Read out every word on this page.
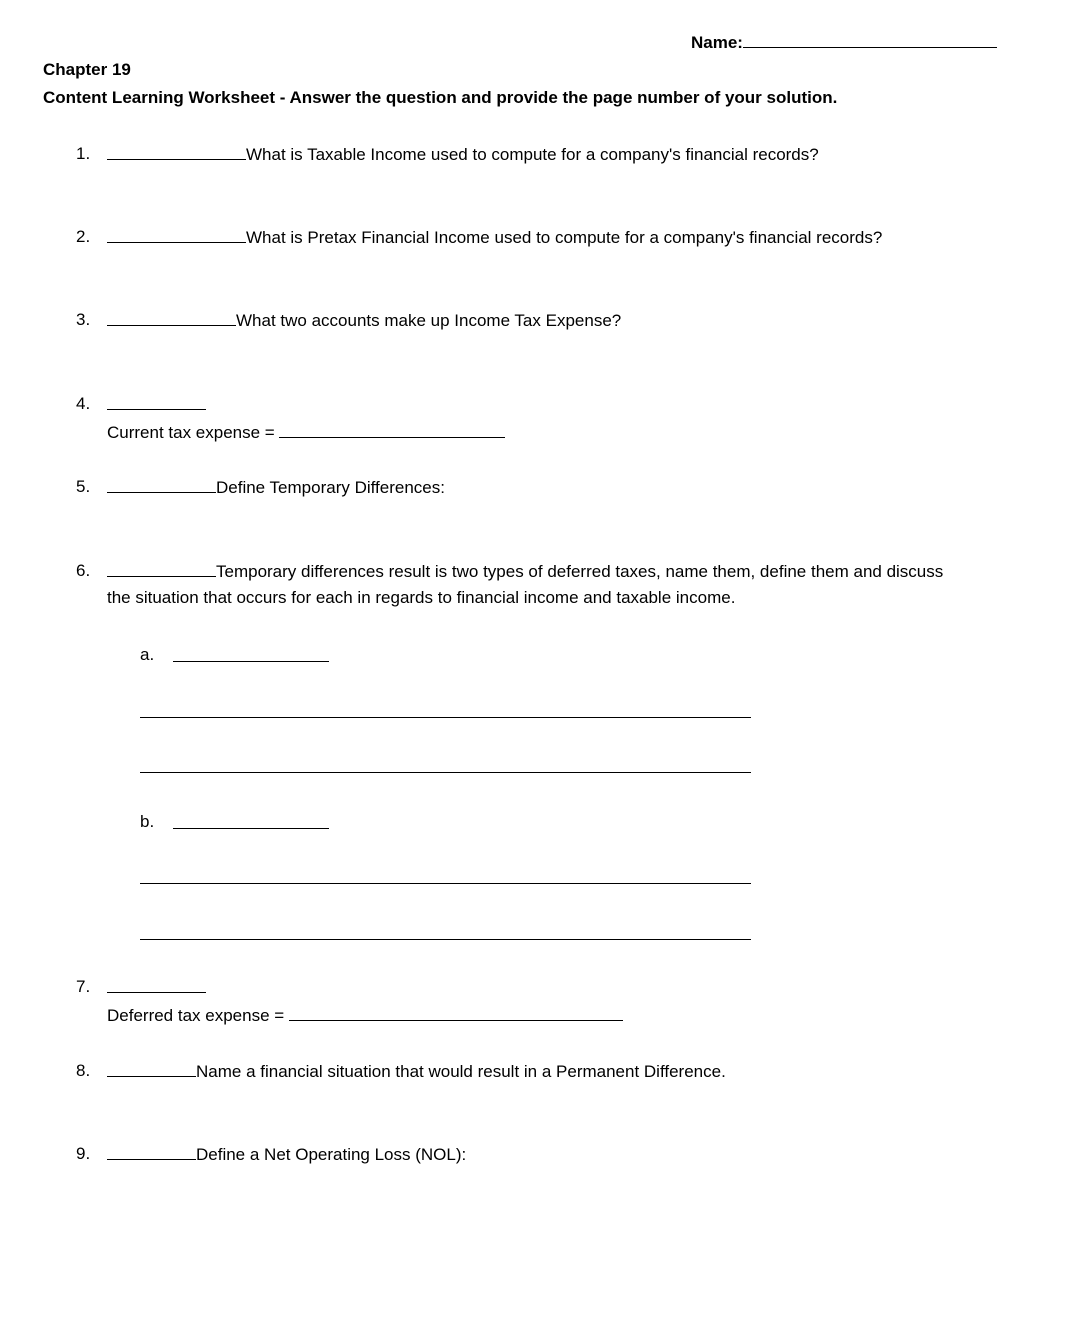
Name:
Chapter 19
Content Learning Worksheet - Answer the question and provide the page number of your solution.
1.	What is Taxable Income used to compute for a company's financial records?
2.	What is Pretax Financial Income used to compute for a company's financial records?
3.	What two accounts make up Income Tax Expense?
4.
Current tax expense =
5.	Define Temporary Differences:
6.	Temporary differences result is two types of deferred taxes, name them, define them and discuss
the situation that occurs for each in regards to financial income and taxable income.
a.
b.
7.
Deferred tax expense =
8.	Name a financial situation that would result in a Permanent Difference.
9.	Define a Net Operating Loss (NOL):
